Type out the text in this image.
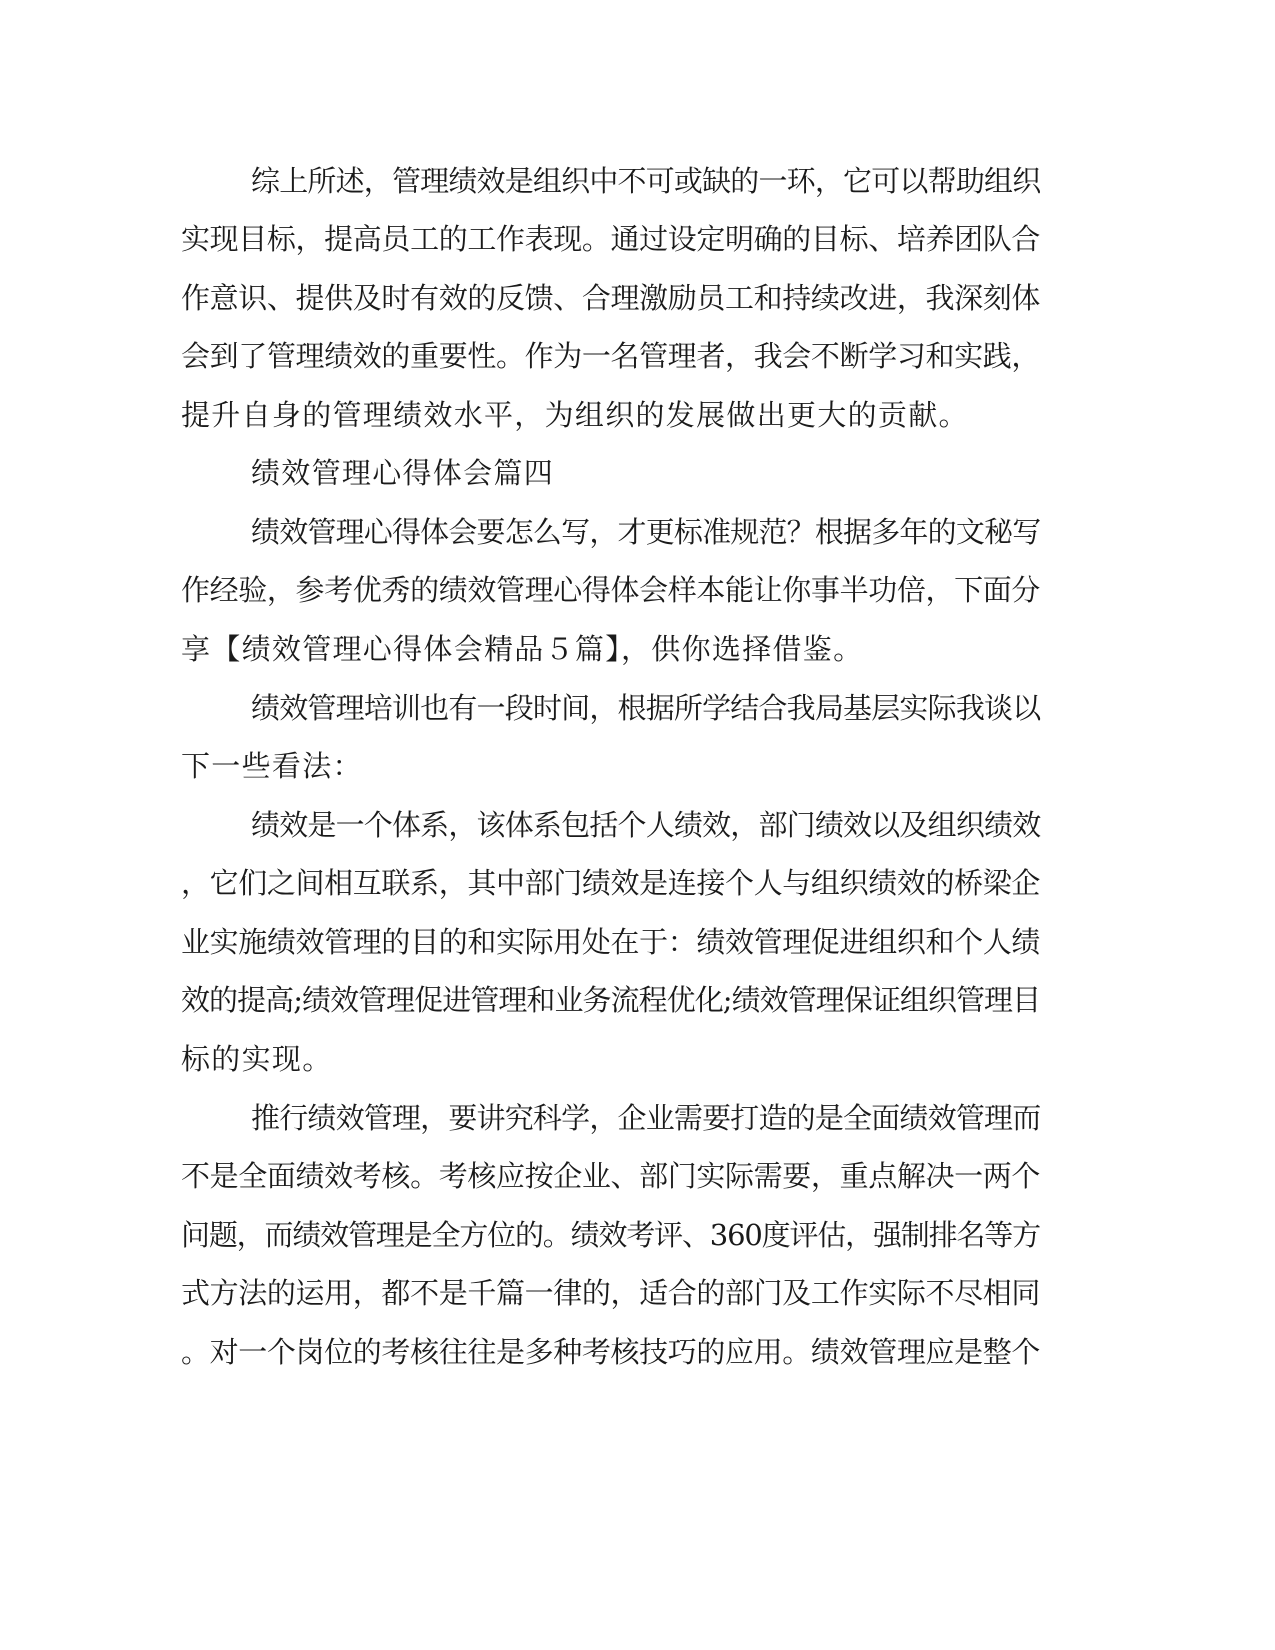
综上所述，管理绩效是组织中不可或缺的一环，它可以帮助组织

实现目标，提高员工的工作表现。通过设定明确的目标、培养团队合

作意识、提供及时有效的反馈、合理激励员工和持续改进，我深刻体

会到了管理绩效的重要性。作为一名管理者，我会不断学习和实践，

提升自身的管理绩效水平，为组织的发展做出更大的贡献。

绩效管理心得体会篇四

绩效管理心得体会要怎么写，才更标准规范？根据多年的文秘写

作经验，参考优秀的绩效管理心得体会样本能让你事半功倍，下面分

享【绩效管理心得体会精品５篇】，供你选择借鉴。

绩效管理培训也有一段时间，根据所学结合我局基层实际我谈以

下一些看法：

绩效是一个体系，该体系包括个人绩效，部门绩效以及组织绩效

，它们之间相互联系，其中部门绩效是连接个人与组织绩效的桥梁企

业实施绩效管理的目的和实际用处在于：绩效管理促进组织和个人绩

效的提高;绩效管理促进管理和业务流程优化;绩效管理保证组织管理目

标的实现。

推行绩效管理，要讲究科学，企业需要打造的是全面绩效管理而

不是全面绩效考核。考核应按企业、部门实际需要，重点解决一两个

问题，而绩效管理是全方位的。绩效考评、360度评估，强制排名等方

式方法的运用，都不是千篇一律的，适合的部门及工作实际不尽相同

。对一个岗位的考核往往是多种考核技巧的应用。绩效管理应是整个
